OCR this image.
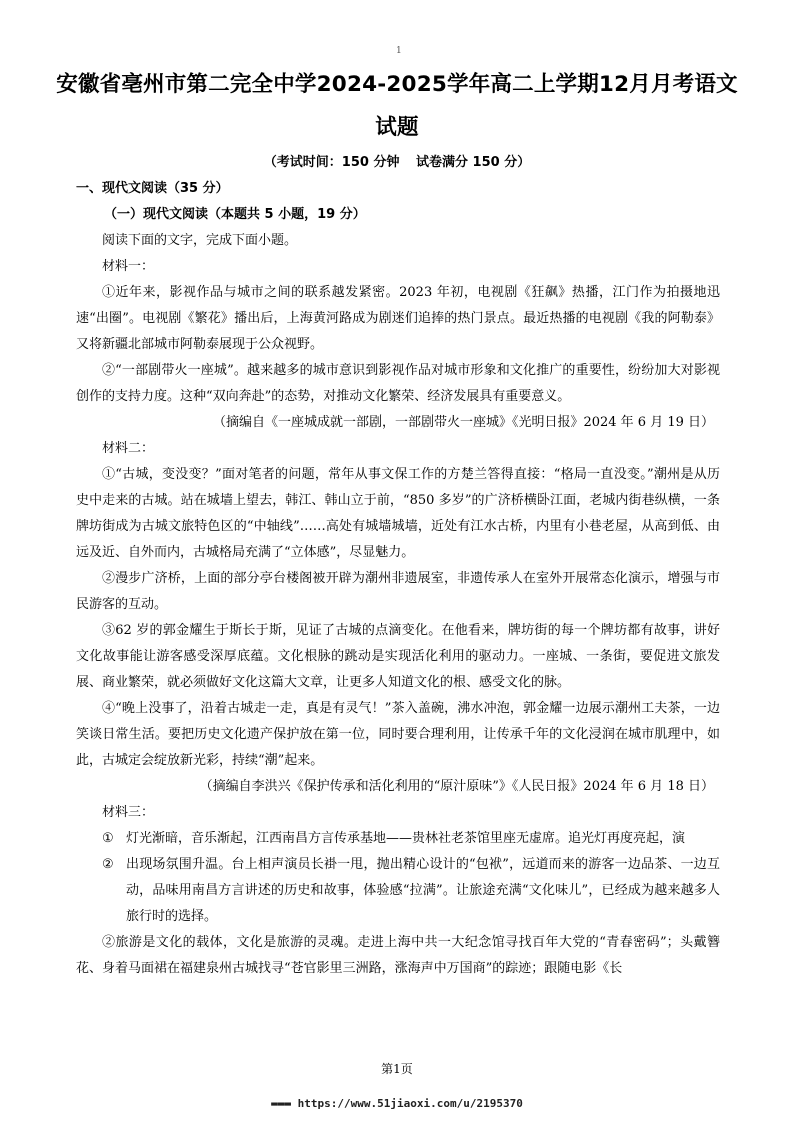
1
安徽省亳州市第二完全中学2024-2025学年高二上学期12月月考语文
试题
（考试时间：150 分钟 试卷满分 150 分）

一、现代文阅读（35 分）

（一）现代文阅读（本题共 5 小题，19 分）

阅读下面的文字，完成下面小题。

材料一：

①近年来，影视作品与城市之间的联系越发紧密。2023 年初，电视剧《狂飙》热播，江门作为拍摄地迅速“出圈”。电视剧《繁花》播出后，上海黄河路成为剧迷们追捧的热门景点。最近热播的电视剧《我的阿勒泰》又将新疆北部城市阿勒泰展现于公众视野。

②“一部剧带火一座城”。越来越多的城市意识到影视作品对城市形象和文化推广的重要性，纷纷加大对影视创作的支持力度。这种“双向奔赴”的态势，对推动文化繁荣、经济发展具有重要意义。

（摘编自《一座城成就一部剧，一部剧带火一座城》《光明日报》2024 年 6 月 19 日）

材料二：

①“古城，变没变？”面对笔者的问题，常年从事文保工作的方楚兰答得直接：“格局一直没变。”潮州是从历史中走来的古城。站在城墙上望去，韩江、韩山立于前，“850 多岁”的广济桥横卧江面，老城内街巷纵横，一条牌坊街成为古城文旅特色区的“中轴线”……高处有城墙城墙，近处有江水古桥，内里有小巷老屋，从高到低、由远及近、自外而内，古城格局充满了“立体感”，尽显魅力。

②漫步广济桥，上面的部分亭台楼阁被开辟为潮州非遗展室，非遗传承人在室外开展常态化演示，增强与市民游客的互动。

③62 岁的郭金耀生于斯长于斯，见证了古城的点滴变化。在他看来，牌坊街的每一个牌坊都有故事，讲好文化故事能让游客感受深厚底蕴。文化根脉的跳动是实现活化利用的驱动力。一座城、一条街，要促进文旅发展、商业繁荣，就必须做好文化这篇大文章，让更多人知道文化的根、感受文化的脉。

④“晚上没事了，沿着古城走一走，真是有灵气！”茶入盖碗，沸水冲泡，郭金耀一边展示潮州工夫茶，一边笑谈日常生活。要把历史文化遗产保护放在第一位，同时要合理利用，让传承千年的文化浸润在城市肌理中，如此，古城定会绽放新光彩，持续“潮”起来。

（摘编自李洪兴《保护传承和活化利用的“原汁原味”》《人民日报》2024 年 6 月 18 日）

材料三：

① 灯光渐暗，音乐渐起，江西南昌方言传承基地——贵林社老茶馆里座无虚席。追光灯再度亮起，演
② 出现场氛围升温。台上相声演员长褂一甩，抛出精心设计的“包袱”，远道而来的游客一边品茶、一边互动，品味用南昌方言讲述的历史和故事，体验感“拉满”。让旅途充满“文化味儿”，已经成为越来越多人旅行时的选择。

②旅游是文化的载体，文化是旅游的灵魂。走进上海中共一大纪念馆寻找百年大党的“青春密码”；头戴簪花、身着马面裙在福建泉州古城找寻“苍官影里三洲路，涨海声中万国商”的踪迹；跟随电影《长

第1页
▬▬▬ https://www.51jiaoxi.com/u/2195370
